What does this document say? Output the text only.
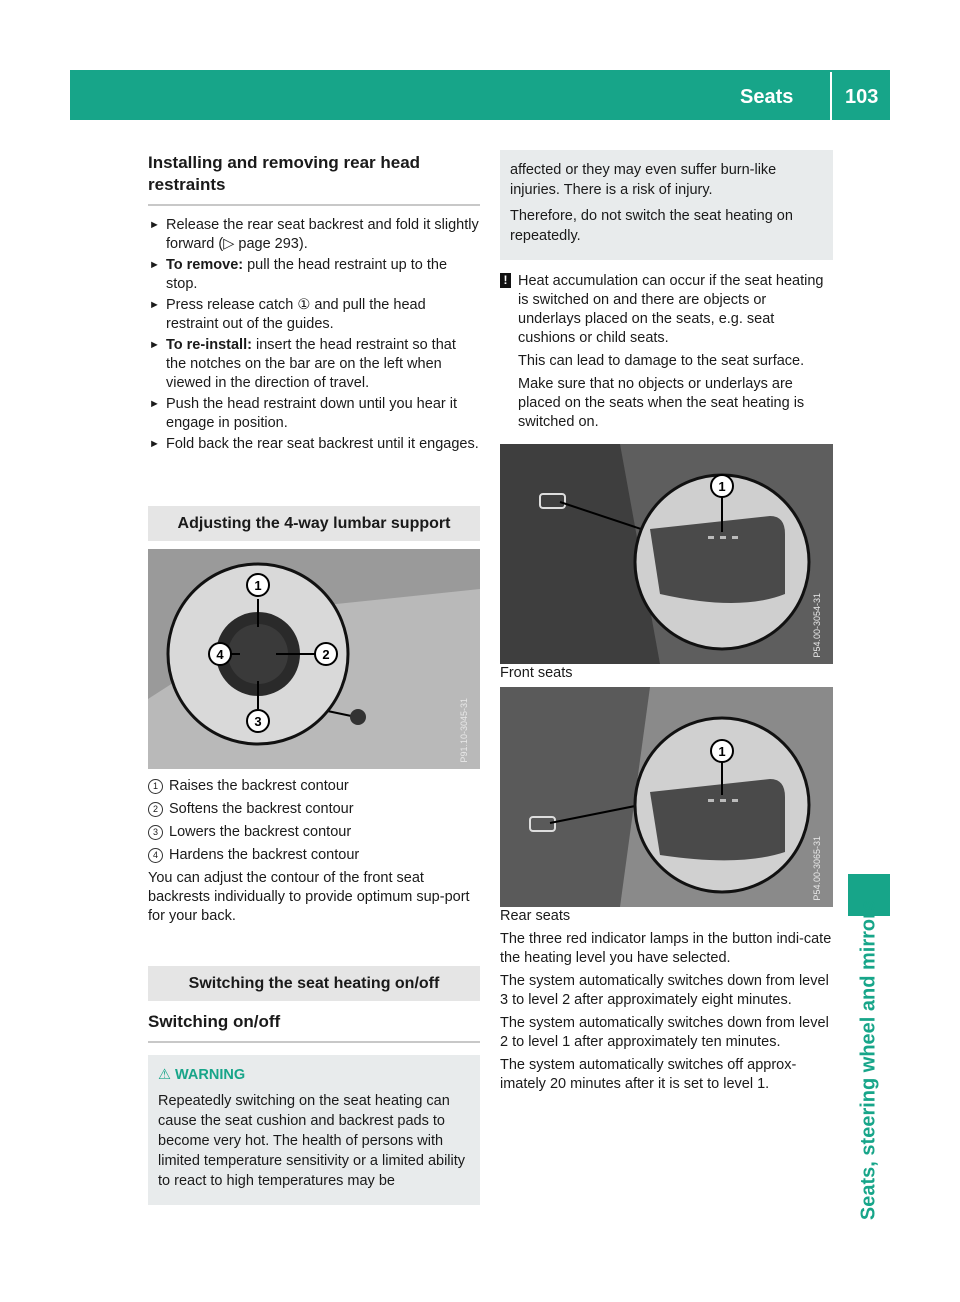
Seats	103
Seats, steering wheel and mirrors
Installing and removing rear head restraints
► Release the rear seat backrest and fold it slightly forward (▷ page 293).
► To remove: pull the head restraint up to the stop.
► Press release catch ① and pull the head restraint out of the guides.
► To re-install: insert the head restraint so that the notches on the bar are on the left when viewed in the direction of travel.
► Push the head restraint down until you hear it engage in position.
► Fold back the rear seat backrest until it engages.
Adjusting the 4-way lumbar support
1
2
3
4
P91.10-3045-31

1 Raises the backrest contour

2 Softens the backrest contour

3 Lowers the backrest contour

4 Hardens the backrest contour

You can adjust the contour of the front seat backrests individually to provide optimum sup-port for your back.

Switching the seat heating on/off
Switching on/off

⚠ WARNING

Repeatedly switching on the seat heating can cause the seat cushion and backrest pads to become very hot. The health of persons with limited temperature sensitivity or a limited ability to react to high temperatures may be

affected or they may even suffer burn-like injuries. There is a risk of injury.

Therefore, do not switch the seat heating on repeatedly.

! Heat accumulation can occur if the seat heating is switched on and there are objects or underlays placed on the seats, e.g. seat cushions or child seats.

This can lead to damage to the seat surface.

Make sure that no objects or underlays are placed on the seats when the seat heating is switched on.

1
P54.00-3054-31

Front seats

1
P54.00-3065-31

Rear seats

The three red indicator lamps in the button indi-cate the heating level you have selected.

The system automatically switches down from level 3 to level 2 after approximately eight minutes.

The system automatically switches down from level 2 to level 1 after approximately ten minutes.

The system automatically switches off approx-imately 20 minutes after it is set to level 1.
